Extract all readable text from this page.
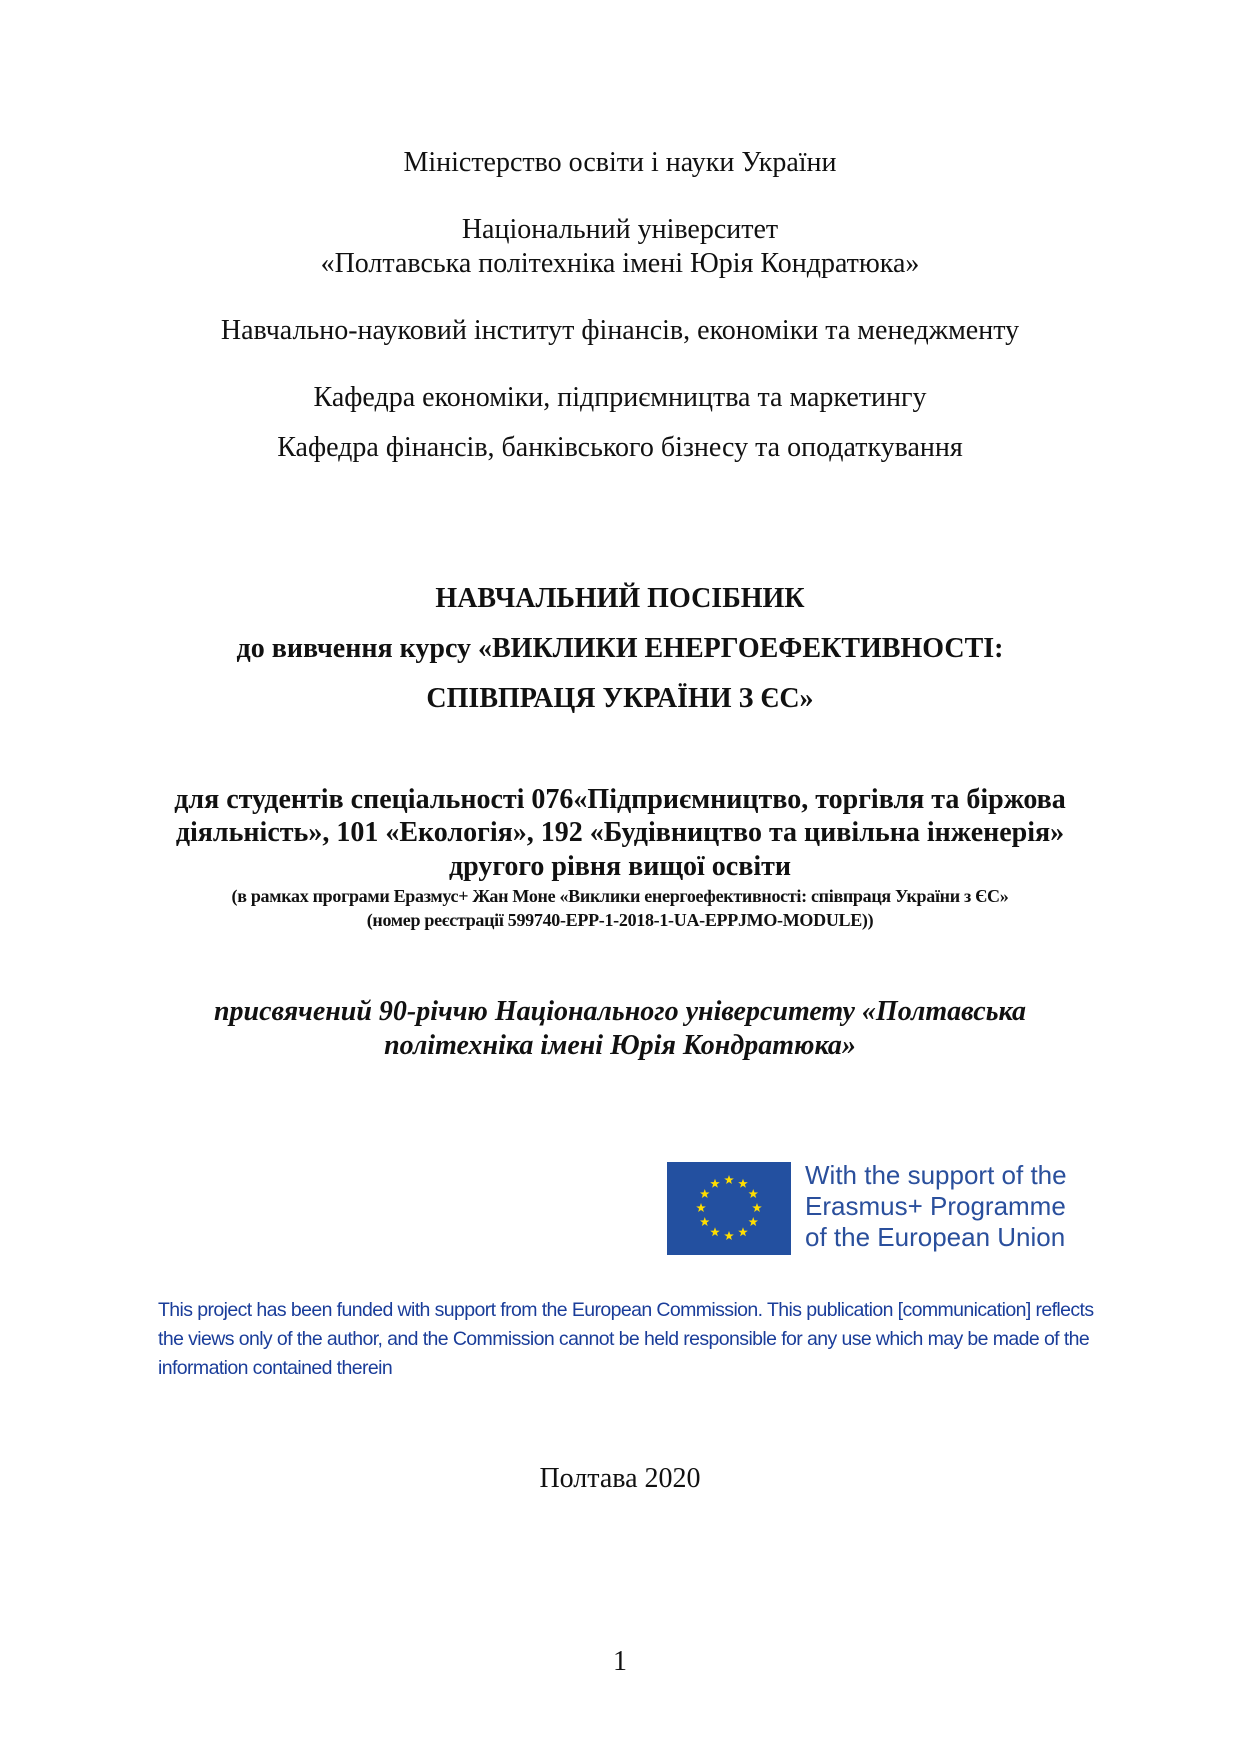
Міністерство освіти і науки України
Національний університет
«Полтавська політехніка імені Юрія Кондратюка»
Навчально-науковий інститут фінансів, економіки та менеджменту
Кафедра економіки, підприємництва та маркетингу
Кафедра фінансів, банківського бізнесу та оподаткування
НАВЧАЛЬНИЙ ПОСІБНИК
до вивчення курсу «ВИКЛИКИ ЕНЕРГОЕФЕКТИВНОСТІ:
СПІВПРАЦЯ УКРАЇНИ З ЄС»
для студентів спеціальності 076«Підприємництво, торгівля та біржова
діяльність», 101 «Екологія», 192 «Будівництво та цивільна інженерія»
другого рівня вищої освіти
(в рамках програми Еразмус+ Жан Моне «Виклики енергоефективності: співпраця України з ЄС»
(номер реєстрації 599740-EPP-1-2018-1-UA-EPPJMO-MODULE))
присвячений 90-річчю Національного університету «Полтавська
політехніка імені Юрія Кондратюка»
With the support of the
Erasmus+ Programme
of the European Union
This project has been funded with support from the European Commission. This publication [communication] reflects the views only of the author, and the Commission cannot be held responsible for any use which may be made of the information contained therein
Полтава 2020
1
